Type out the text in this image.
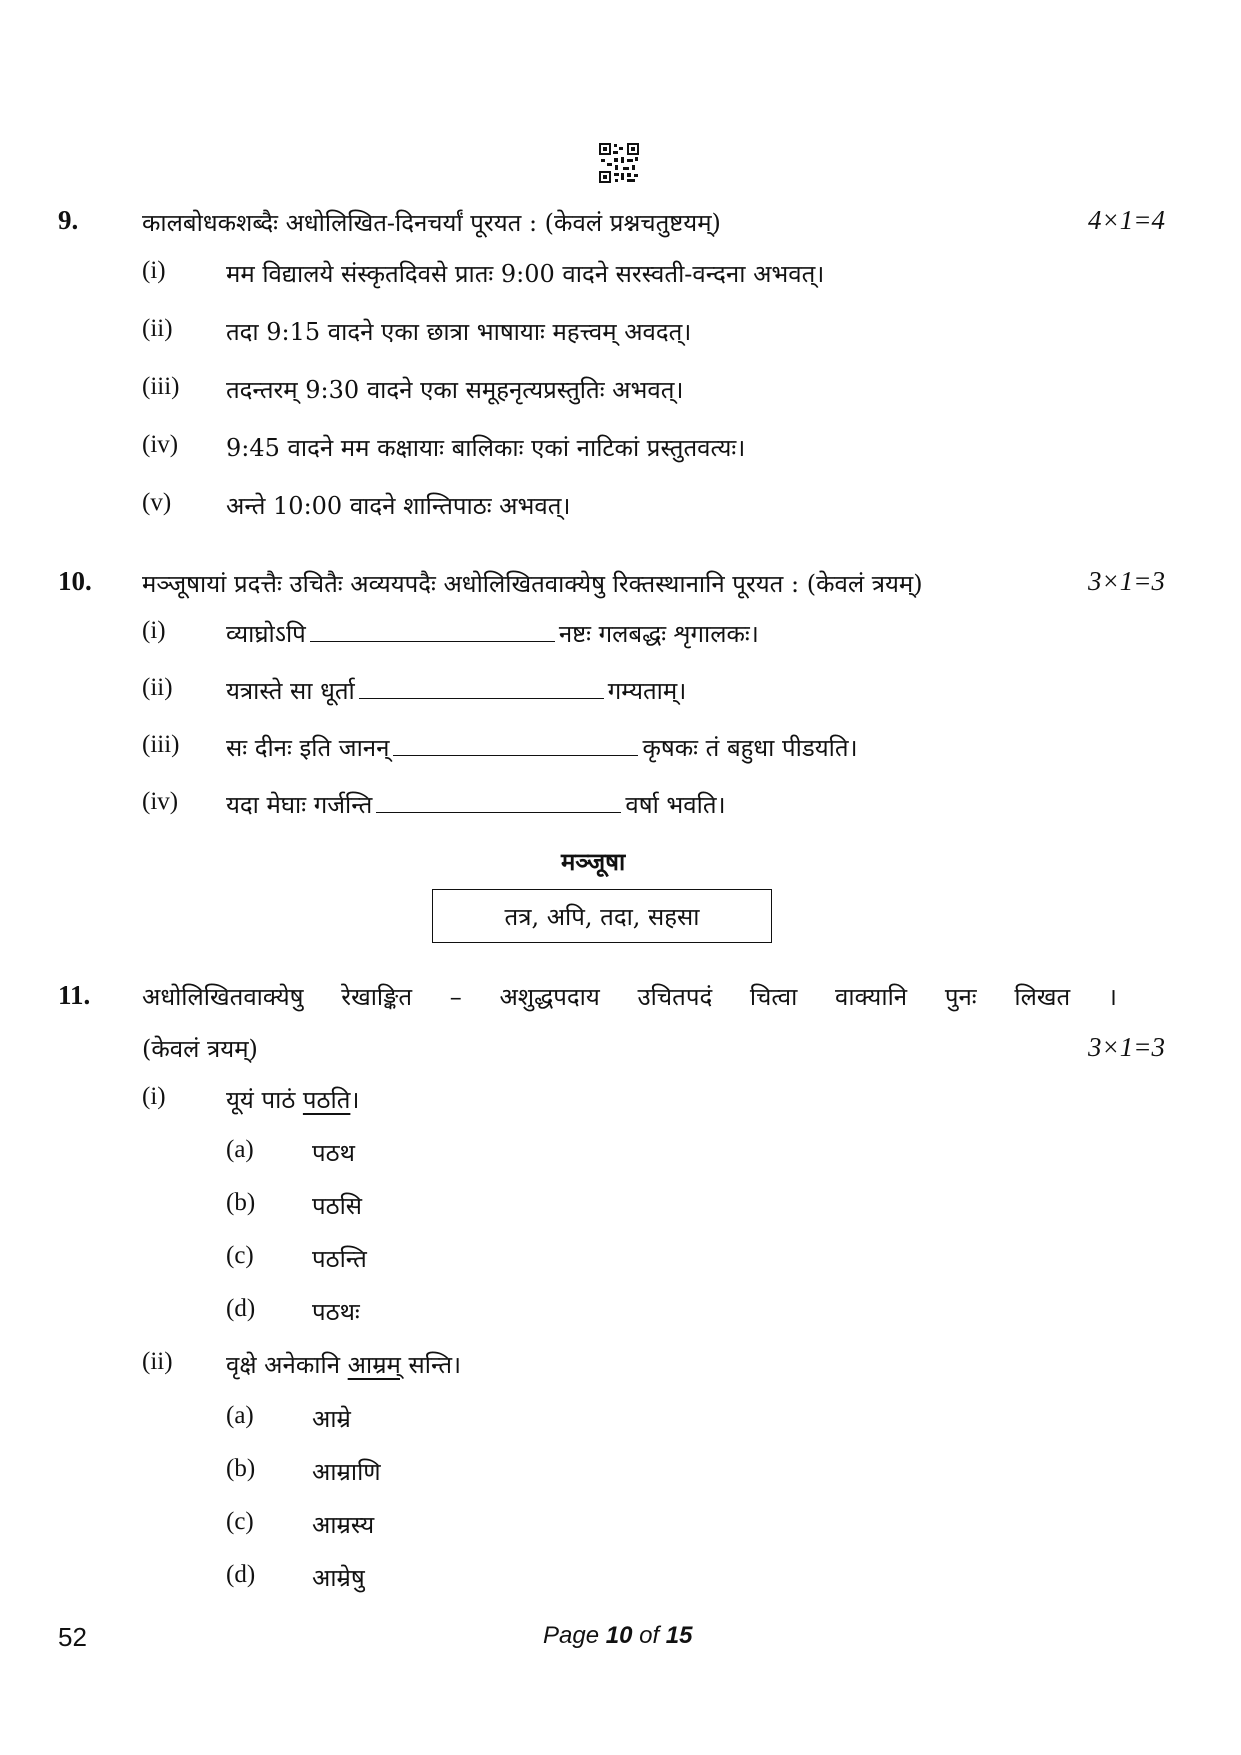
9.	कालबोधकशब्दैः अधोलिखित-दिनचर्यां पूरयत : (केवलं प्रश्नचतुष्टयम्)	4×1=4
(i)	मम विद्यालये संस्कृतदिवसे प्रातः 9:00 वादने सरस्वती-वन्दना अभवत्।
(ii) तदा 9:15 वादने एका छात्रा भाषायाः महत्त्वम् अवदत्।
(iii) तदन्तरम् 9:30 वादने एका समूहनृत्यप्रस्तुतिः अभवत्।
(iv) 9:45 वादने मम कक्षायाः बालिकाः एकां नाटिकां प्रस्तुतवत्यः।
(v) अन्ते 10:00 वादने शान्तिपाठः अभवत्।
10. मञ्जूषायां प्रदत्तैः उचितैः अव्ययपदैः अधोलिखितवाक्येषु रिक्तस्थानानि पूरयत : (केवलं त्रयम्)	3×1=3
(i)	व्याघ्रोऽपि	नष्टः गलबद्धः शृगालकः।
(ii) यत्रास्ते सा धूर्ता	गम्यताम्।
(iii) सः दीनः इति जानन्	कृषकः तं बहुधा पीडयति।
(iv) यदा मेघाः गर्जन्ति	वर्षा भवति।
मञ्जूषा
तत्र, अपि, तदा, सहसा
11. अधोलिखितवाक्येषु रेखाङ्कित – अशुद्धपदाय उचितपदं चित्वा वाक्यानि पुनः लिखत ।
(केवलं त्रयम्)	3×1=3
(i)	यूयं पाठं पठति।
(a) पठथ
(b) पठसि
(c) पठन्ति
(d) पठथः
(ii) वृक्षे अनेकानि आम्रम् सन्ति।
(a) आम्रे
(b) आम्राणि
(c) आम्रस्य
(d) आम्रेषु
52	Page 10 of 15
